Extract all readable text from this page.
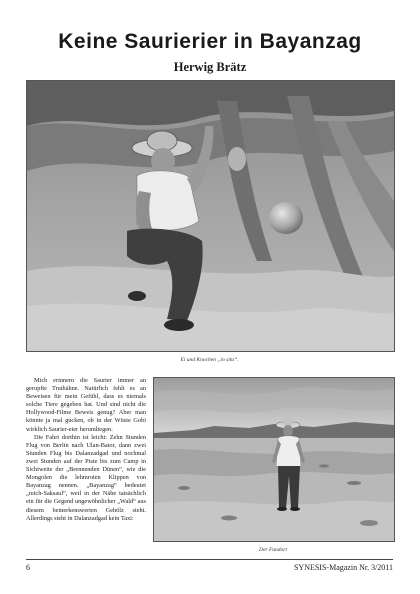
Keine Saurierier in Bayanzag
Herwig Brätz
Ei und Knochen „in situ“.

Mich erinnern die Saurier immer an gerupfte Truthähne. Natürlich fehlt es an Beweisen für mein Gefühl, dass es niemals solche Tiere gegeben hat. Und sind nicht die Hollywood-Filme Beweis genug? Aber man könnte ja mal gucken, ob in der Wüste Gobi wirklich Saurier-eier herumliegen.

Die Fahrt dorthin ist leicht: Zehn Stunden Flug von Berlin nach Ulan-Bator, dann zwei Stunden Flug bis Dalanzadgad und nochmal zwei Stunden auf der Piste bis zum Camp in Sichtweite der „Brennenden Dünen“, wie die Mongolen die lehmroten Klippen von Bayanzag nennen. „Bayanzag“ bedeutet „reich-Saksaul“, weil in der Nähe tatsächlich ein für die Gegend ungewöhnlicher „Wald“ aus diesem bemerkenswerten Gehölz steht. Allerdings steht in Dalanzadgad kein Taxi:

Der Fundort
6	SYNESIS-Magazin Nr. 3/2011
